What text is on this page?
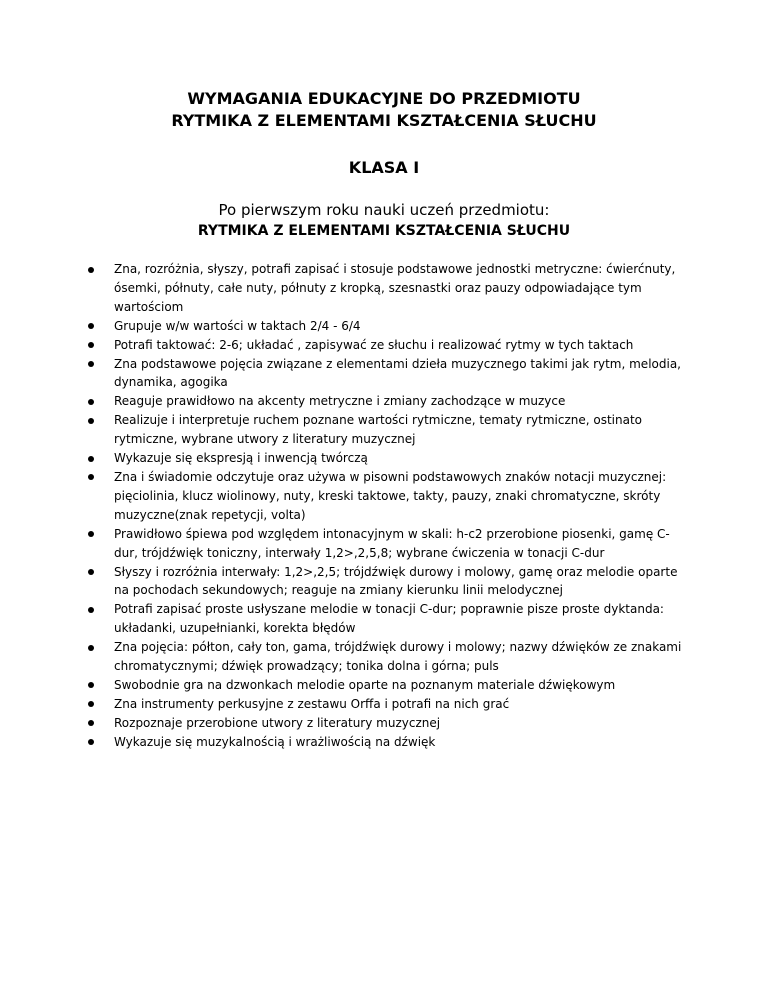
WYMAGANIA EDUKACYJNE DO PRZEDMIOTU
RYTMIKA Z ELEMENTAMI KSZTAŁCENIA SŁUCHU
KLASA I
Po pierwszym roku nauki uczeń przedmiotu:
RYTMIKA Z ELEMENTAMI KSZTAŁCENIA SŁUCHU
Zna, rozróżnia, słyszy, potrafi zapisać i stosuje podstawowe jednostki metryczne: ćwierćnuty, ósemki, półnuty, całe nuty, półnuty z kropką, szesnastki oraz pauzy odpowiadające tym wartościom
Grupuje w/w wartości w taktach 2/4 - 6/4
Potrafi taktować: 2-6; układać , zapisywać ze słuchu i realizować rytmy w tych taktach
Zna podstawowe pojęcia związane z elementami dzieła muzycznego takimi jak rytm, melodia, dynamika, agogika
Reaguje prawidłowo na akcenty metryczne i zmiany zachodzące w muzyce
Realizuje i interpretuje ruchem poznane wartości rytmiczne, tematy rytmiczne, ostinato rytmiczne, wybrane utwory z literatury muzycznej
Wykazuje się ekspresją i inwencją twórczą
Zna i świadomie odczytuje oraz używa w pisowni podstawowych znaków notacji muzycznej: pięciolinia, klucz wiolinowy, nuty, kreski taktowe, takty, pauzy, znaki chromatyczne, skróty muzyczne(znak repetycji, volta)
Prawidłowo śpiewa pod względem intonacyjnym w skali: h-c2 przerobione piosenki, gamę C-dur, trójdźwięk toniczny, interwały 1,2>,2,5,8; wybrane ćwiczenia w tonacji C-dur
Słyszy i rozróżnia interwały: 1,2>,2,5; trójdźwięk durowy i molowy, gamę oraz melodie oparte na pochodach sekundowych; reaguje na zmiany kierunku linii melodycznej
Potrafi zapisać proste usłyszane melodie w tonacji C-dur; poprawnie pisze proste dyktanda: układanki, uzupełnianki, korekta błędów
Zna pojęcia: półton, cały ton, gama, trójdźwięk durowy i molowy; nazwy dźwięków ze znakami chromatycznymi; dźwięk prowadzący; tonika dolna i górna; puls
Swobodnie gra na dzwonkach melodie oparte na poznanym materiale dźwiękowym
Zna instrumenty perkusyjne z zestawu Orffa i potrafi na nich grać
Rozpoznaje przerobione utwory z literatury muzycznej
Wykazuje się muzykalnością i wrażliwością na dźwięk
